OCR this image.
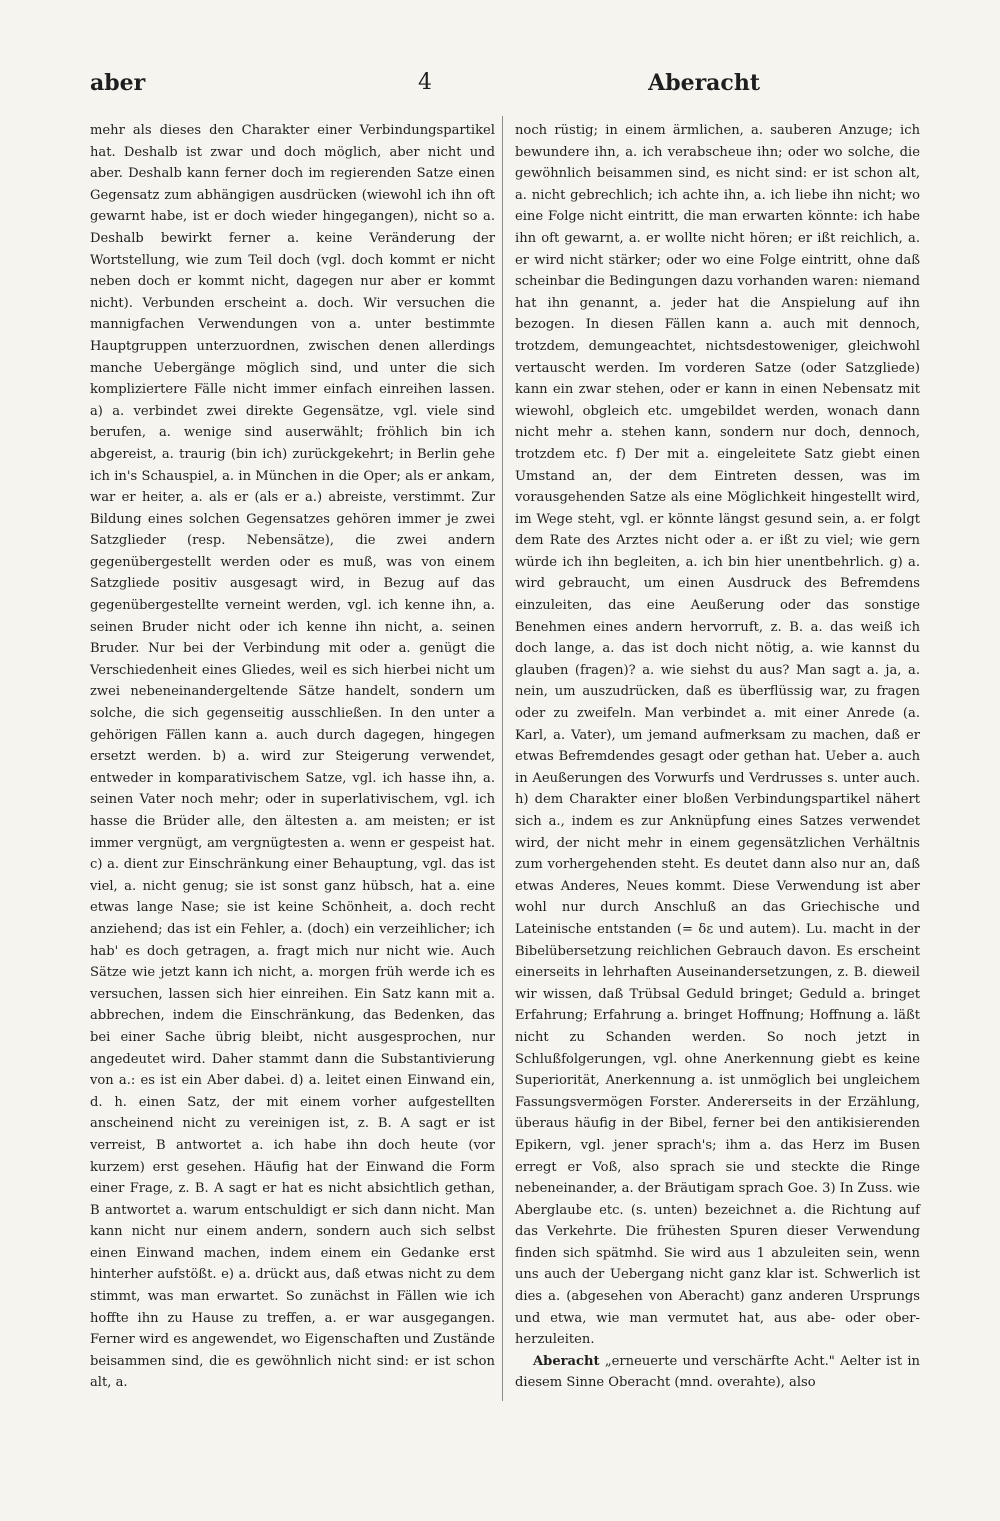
aber	4	Aberacht

mehr als dieses den Charakter einer Verbindungspartikel hat. Deshalb ist zwar und doch möglich, aber nicht und aber. Deshalb kann ferner doch im regierenden Satze einen Gegensatz zum abhängigen ausdrücken (wiewohl ich ihn oft gewarnt habe, ist er doch wieder hingegangen), nicht so a. Deshalb bewirkt ferner a. keine Veränderung der Wortstellung, wie zum Teil doch (vgl. doch kommt er nicht neben doch er kommt nicht, dagegen nur aber er kommt nicht). Verbunden erscheint a. doch. Wir versuchen die mannigfachen Verwendungen von a. unter bestimmte Hauptgruppen unterzuordnen, zwischen denen allerdings manche Uebergänge möglich sind, und unter die sich kompliziertere Fälle nicht immer einfach einreihen lassen. a) a. verbindet zwei direkte Gegensätze, vgl. viele sind berufen, a. wenige sind auserwählt; fröhlich bin ich abgereist, a. traurig (bin ich) zurückgekehrt; in Berlin gehe ich in's Schauspiel, a. in München in die Oper; als er ankam, war er heiter, a. als er (als er a.) abreiste, verstimmt. Zur Bildung eines solchen Gegensatzes gehören immer je zwei Satzglieder (resp. Nebensätze), die zwei andern gegenübergestellt werden oder es muß, was von einem Satzgliede positiv ausgesagt wird, in Bezug auf das gegenübergestellte verneint werden, vgl. ich kenne ihn, a. seinen Bruder nicht oder ich kenne ihn nicht, a. seinen Bruder. Nur bei der Verbindung mit oder a. genügt die Verschiedenheit eines Gliedes, weil es sich hierbei nicht um zwei nebeneinandergeltende Sätze handelt, sondern um solche, die sich gegenseitig ausschließen. In den unter a gehörigen Fällen kann a. auch durch dagegen, hingegen ersetzt werden. b) a. wird zur Steigerung verwendet, entweder in komparativischem Satze, vgl. ich hasse ihn, a. seinen Vater noch mehr; oder in superlativischem, vgl. ich hasse die Brüder alle, den ältesten a. am meisten; er ist immer vergnügt, am vergnügtesten a. wenn er gespeist hat. c) a. dient zur Einschränkung einer Behauptung, vgl. das ist viel, a. nicht genug; sie ist sonst ganz hübsch, hat a. eine etwas lange Nase; sie ist keine Schönheit, a. doch recht anziehend; das ist ein Fehler, a. (doch) ein verzeihlicher; ich hab' es doch getragen, a. fragt mich nur nicht wie. Auch Sätze wie jetzt kann ich nicht, a. morgen früh werde ich es versuchen, lassen sich hier einreihen. Ein Satz kann mit a. abbrechen, indem die Einschränkung, das Bedenken, das bei einer Sache übrig bleibt, nicht ausgesprochen, nur angedeutet wird. Daher stammt dann die Substantivierung von a.: es ist ein Aber dabei. d) a. leitet einen Einwand ein, d. h. einen Satz, der mit einem vorher aufgestellten anscheinend nicht zu vereinigen ist, z. B. A sagt er ist verreist, B antwortet a. ich habe ihn doch heute (vor kurzem) erst gesehen. Häufig hat der Einwand die Form einer Frage, z. B. A sagt er hat es nicht absichtlich gethan, B antwortet a. warum entschuldigt er sich dann nicht. Man kann nicht nur einem andern, sondern auch sich selbst einen Einwand machen, indem einem ein Gedanke erst hinterher aufstößt. e) a. drückt aus, daß etwas nicht zu dem stimmt, was man erwartet. So zunächst in Fällen wie ich hoffte ihn zu Hause zu treffen, a. er war ausgegangen. Ferner wird es angewendet, wo Eigenschaften und Zustände beisammen sind, die es gewöhnlich nicht sind: er ist schon alt, a.

noch rüstig; in einem ärmlichen, a. sauberen Anzuge; ich bewundere ihn, a. ich verabscheue ihn; oder wo solche, die gewöhnlich beisammen sind, es nicht sind: er ist schon alt, a. nicht gebrechlich; ich achte ihn, a. ich liebe ihn nicht; wo eine Folge nicht eintritt, die man erwarten könnte: ich habe ihn oft gewarnt, a. er wollte nicht hören; er ißt reichlich, a. er wird nicht stärker; oder wo eine Folge eintritt, ohne daß scheinbar die Bedingungen dazu vorhanden waren: niemand hat ihn genannt, a. jeder hat die Anspielung auf ihn bezogen. In diesen Fällen kann a. auch mit dennoch, trotzdem, demungeachtet, nichtsdestoweniger, gleichwohl vertauscht werden. Im vorderen Satze (oder Satzgliede) kann ein zwar stehen, oder er kann in einen Nebensatz mit wiewohl, obgleich etc. umgebildet werden, wonach dann nicht mehr a. stehen kann, sondern nur doch, dennoch, trotzdem etc. f) Der mit a. eingeleitete Satz giebt einen Umstand an, der dem Eintreten dessen, was im vorausgehenden Satze als eine Möglichkeit hingestellt wird, im Wege steht, vgl. er könnte längst gesund sein, a. er folgt dem Rate des Arztes nicht oder a. er ißt zu viel; wie gern würde ich ihn begleiten, a. ich bin hier unentbehrlich. g) a. wird gebraucht, um einen Ausdruck des Befremdens einzuleiten, das eine Aeußerung oder das sonstige Benehmen eines andern hervorruft, z. B. a. das weiß ich doch lange, a. das ist doch nicht nötig, a. wie kannst du glauben (fragen)? a. wie siehst du aus? Man sagt a. ja, a. nein, um auszudrücken, daß es überflüssig war, zu fragen oder zu zweifeln. Man verbindet a. mit einer Anrede (a. Karl, a. Vater), um jemand aufmerksam zu machen, daß er etwas Befremdendes gesagt oder gethan hat. Ueber a. auch in Aeußerungen des Vorwurfs und Verdrusses s. unter auch. h) dem Charakter einer bloßen Verbindungspartikel nähert sich a., indem es zur Anknüpfung eines Satzes verwendet wird, der nicht mehr in einem gegensätzlichen Verhältnis zum vorhergehenden steht. Es deutet dann also nur an, daß etwas Anderes, Neues kommt. Diese Verwendung ist aber wohl nur durch Anschluß an das Griechische und Lateinische entstanden (= δε und autem). Lu. macht in der Bibelübersetzung reichlichen Gebrauch davon. Es erscheint einerseits in lehrhaften Auseinandersetzungen, z. B. dieweil wir wissen, daß Trübsal Geduld bringet; Geduld a. bringet Erfahrung; Erfahrung a. bringet Hoffnung; Hoffnung a. läßt nicht zu Schanden werden. So noch jetzt in Schlußfolgerungen, vgl. ohne Anerkennung giebt es keine Superiorität, Anerkennung a. ist unmöglich bei ungleichem Fassungsvermögen Forster. Andererseits in der Erzählung, überaus häufig in der Bibel, ferner bei den antikisierenden Epikern, vgl. jener sprach's; ihm a. das Herz im Busen erregt er Voß, also sprach sie und steckte die Ringe nebeneinander, a. der Bräutigam sprach Goe. 3) In Zuss. wie Aberglaube etc. (s. unten) bezeichnet a. die Richtung auf das Verkehrte. Die frühesten Spuren dieser Verwendung finden sich spätmhd. Sie wird aus 1 abzuleiten sein, wenn uns auch der Uebergang nicht ganz klar ist. Schwerlich ist dies a. (abgesehen von Aberacht) ganz anderen Ursprungs und etwa, wie man vermutet hat, aus abe- oder ober- herzuleiten.

Aberacht „erneuerte und verschärfte Acht." Aelter ist in diesem Sinne Oberacht (mnd. overahte), also
